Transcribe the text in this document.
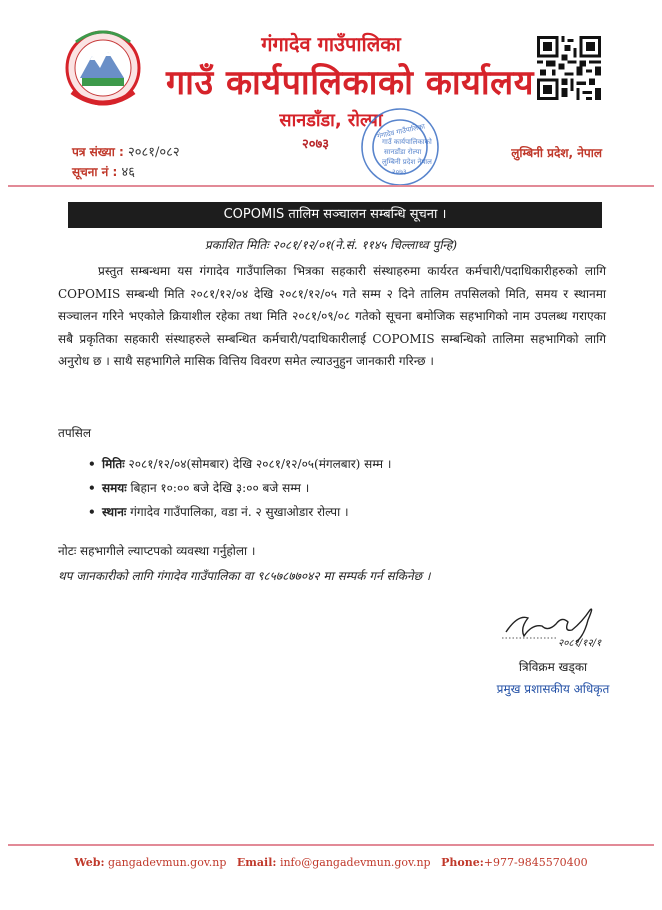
गंगादेव गाउँपालिका
गाउँ कार्यपालिकाको कार्यालय
सानडाँडा, रोल्पा
२०७३
गंगादेव गाउँपालिका
गाउँ कार्यपालिकाको
सानडाँडा रोल्पा
लुम्बिनी प्रदेश नेपाल
२०७३
पत्र संख्या : २०८१/०८२
सूचना नं : ४६
लुम्बिनी प्रदेश, नेपाल
COPOMIS तालिम सञ्चालन सम्बन्धि सूचना ।
प्रकाशित मितिः २०८१/१२/०१(ने.सं. ११४५ चिल्लाध्व पुन्हि)
प्रस्तुत सम्बन्धमा यस गंगादेव गाउँपालिका भित्रका सहकारी संस्थाहरुमा कार्यरत कर्मचारी/पदाधिकारीहरुको लागि COPOMIS सम्बन्धी मिति २०८१/१२/०४ देखि २०८१/१२/०५ गते सम्म २ दिने तालिम तपसिलको मिति, समय र स्थानमा सञ्चालन गरिने भएकोले क्रियाशील रहेका तथा मिति २०८१/०९/०८ गतेको सूचना बमोजिक सहभागिको नाम उपलब्ध गराएका सबै प्रकृतिका सहकारी संस्थाहरुले सम्बन्धित कर्मचारी/पदाधिकारीलाई COPOMIS सम्बन्धिको तालिमा सहभागिको लागि अनुरोध छ । साथै सहभागिले मासिक वित्तिय विवरण समेत ल्याउनुहुन जानकारी गरिन्छ ।
तपसिल
• मितिः २०८१/१२/०४(सोमबार) देखि २०८१/१२/०५(मंगलबार) सम्म ।
• समयः बिहान १०:०० बजे देखि ३:०० बजे सम्म ।
• स्थानः गंगादेव गाउँपालिका, वडा नं. २ सुखाओडार रोल्पा ।
नोटः सहभागीले ल्याप्टपको व्यवस्था गर्नुहोला ।
थप जानकारीको लागि गंगादेव गाउँपालिका वा ९८५७८७७०४२ मा सम्पर्क गर्न सकिनेछ ।
२०८१/१२/१
त्रिविक्रम खड्का
प्रमुख प्रशासकीय अधिकृत
Web: gangadevmun.gov.np Email: info@gangadevmun.gov.np Phone:+977-9845570400
